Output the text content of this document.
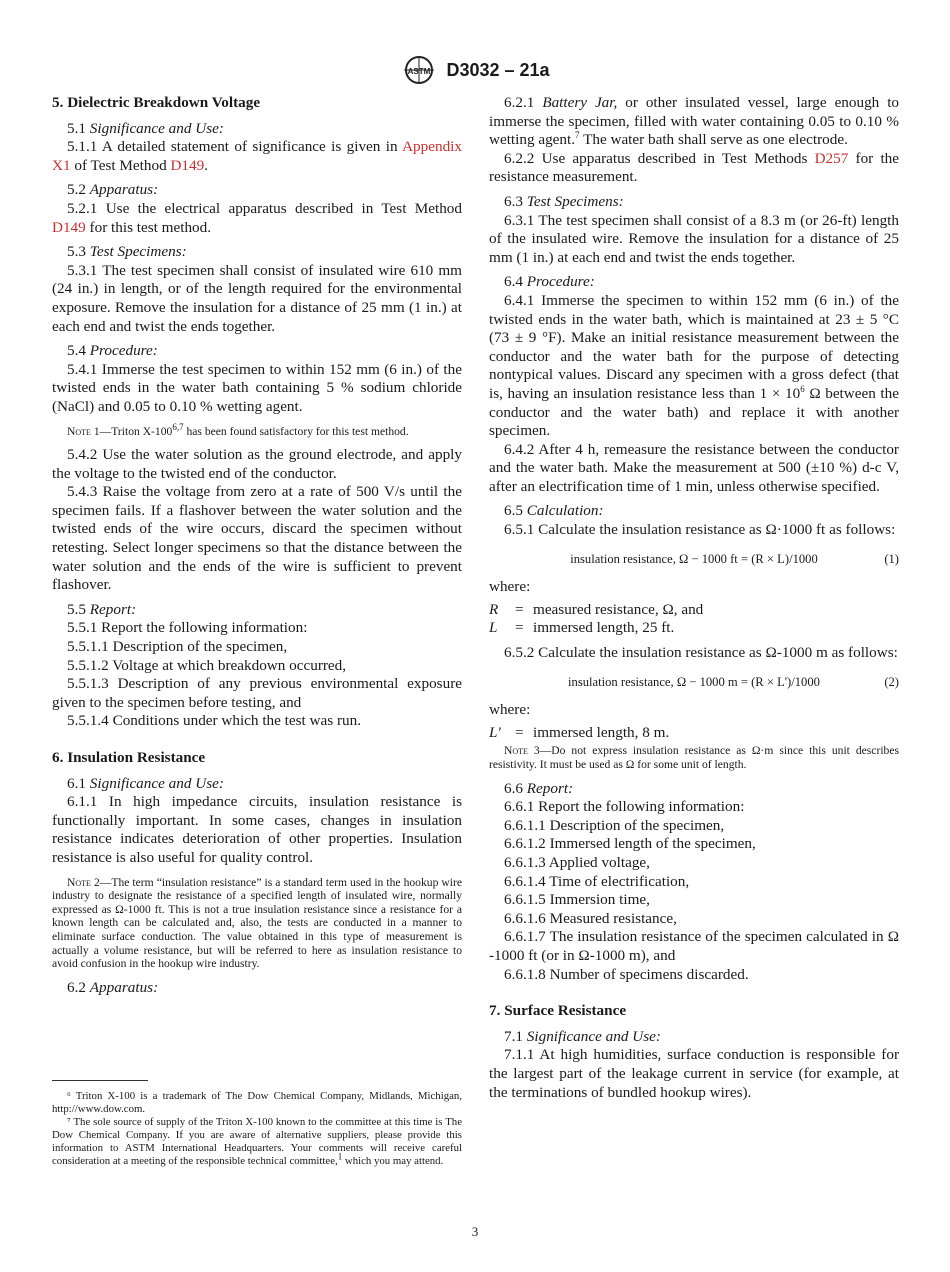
ASTM D3032 – 21a

5. Dielectric Breakdown Voltage

5.1 Significance and Use:

5.1.1 A detailed statement of significance is given in Appendix X1 of Test Method D149.

5.2 Apparatus:

5.2.1 Use the electrical apparatus described in Test Method D149 for this test method.

5.3 Test Specimens:

5.3.1 The test specimen shall consist of insulated wire 610 mm (24 in.) in length, or of the length required for the environmental exposure. Remove the insulation for a distance of 25 mm (1 in.) at each end and twist the ends together.

5.4 Procedure:

5.4.1 Immerse the test specimen to within 152 mm (6 in.) of the twisted ends in the water bath containing 5 % sodium chloride (NaCl) and 0.05 to 0.10 % wetting agent.

Note 1—Triton X-100$^{6,7}$ has been found satisfactory for this test method.

5.4.2 Use the water solution as the ground electrode, and apply the voltage to the twisted end of the conductor.

5.4.3 Raise the voltage from zero at a rate of 500 V/s until the specimen fails. If a flashover between the water solution and the twisted ends of the wire occurs, discard the specimen without retesting. Select longer specimens so that the distance between the water solution and the ends of the wire is sufficient to prevent flashover.

5.5 Report:

5.5.1 Report the following information:

5.5.1.1 Description of the specimen,

5.5.1.2 Voltage at which breakdown occurred,

5.5.1.3 Description of any previous environmental exposure given to the specimen before testing, and

5.5.1.4 Conditions under which the test was run.

6. Insulation Resistance

6.1 Significance and Use:

6.1.1 In high impedance circuits, insulation resistance is functionally important. In some cases, changes in insulation resistance indicates deterioration of other properties. Insulation resistance is also useful for quality control.

Note 2—The term “insulation resistance” is a standard term used in the hookup wire industry to designate the resistance of a specified length of insulated wire, normally expressed as Ω-1000 ft. This is not a true insulation resistance since a resistance for a known length can be calculated and, also, the tests are conducted in a manner to eliminate surface conduction. The value obtained in this type of measurement is actually a volume resistance, but will be referred to here as insulation resistance to avoid confusion in the hookup wire industry.

6.2 Apparatus:

⁶ Triton X-100 is a trademark of The Dow Chemical Company, Midlands, Michigan, http://www.dow.com.

⁷ The sole source of supply of the Triton X-100 known to the committee at this time is The Dow Chemical Company. If you are aware of alternative suppliers, please provide this information to ASTM International Headquarters. Your comments will receive careful consideration at a meeting of the responsible technical committee,$^1$ which you may attend.

6.2.1 Battery Jar, or other insulated vessel, large enough to immerse the specimen, filled with water containing 0.05 to 0.10 % wetting agent.$^7$ The water bath shall serve as one electrode.

6.2.2 Use apparatus described in Test Methods D257 for the resistance measurement.

6.3 Test Specimens:

6.3.1 The test specimen shall consist of a 8.3 m (or 26-ft) length of the insulated wire. Remove the insulation for a distance of 25 mm (1 in.) at each end and twist the ends together.

6.4 Procedure:

6.4.1 Immerse the specimen to within 152 mm (6 in.) of the twisted ends in the water bath, which is maintained at 23 ± 5 °C (73 ± 9 °F). Make an initial resistance measurement between the conductor and the water bath for the purpose of detecting nontypical values. Discard any specimen with a gross defect (that is, having an insulation resistance less than $1 \times 10^6$ Ω between the conductor and the water bath) and replace it with another specimen.

6.4.2 After 4 h, remeasure the resistance between the conductor and the water bath. Make the measurement at 500 (±10 %) d-c V, after an electrification time of 1 min, unless otherwise specified.

6.5 Calculation:

6.5.1 Calculate the insulation resistance as Ω·1000 ft as follows:

insulation resistance, Ω − 1000 ft = (R × L)/1000	(1)

where:

R	= measured resistance, Ω, and
L	= immersed length, 25 ft.

6.5.2 Calculate the insulation resistance as Ω-1000 m as follows:

insulation resistance, Ω − 1000 m = (R × L')/1000	(2)

where:

L' = immersed length, 8 m.

Note 3—Do not express insulation resistance as Ω·m since this unit describes resistivity. It must be used as Ω for some unit of length.

6.6 Report:

6.6.1 Report the following information:

6.6.1.1 Description of the specimen,

6.6.1.2 Immersed length of the specimen,

6.6.1.3 Applied voltage,

6.6.1.4 Time of electrification,

6.6.1.5 Immersion time,

6.6.1.6 Measured resistance,

6.6.1.7 The insulation resistance of the specimen calculated in Ω -1000 ft (or in Ω-1000 m), and

6.6.1.8 Number of specimens discarded.

7. Surface Resistance

7.1 Significance and Use:

7.1.1 At high humidities, surface conduction is responsible for the largest part of the leakage current in service (for example, at the terminations of bundled hookup wires).

3
